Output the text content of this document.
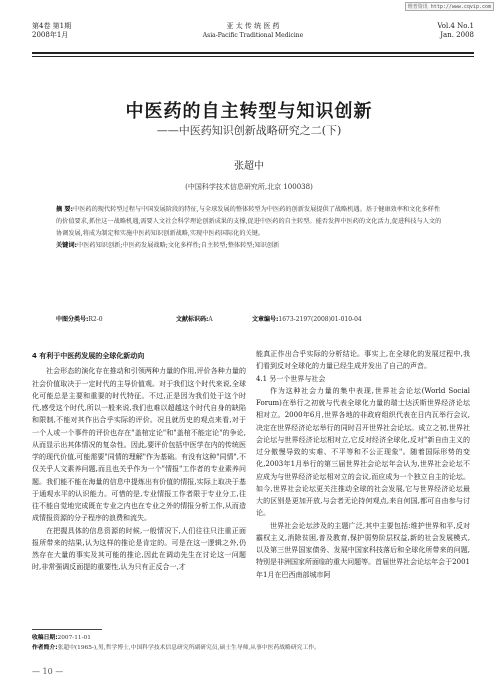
维普资讯 http://www.cqvip.com
第4卷 第1期
2008年1月
亚 太 传 统 医 药
Asia-Pacific Traditional Medicine
Vol.4 No.1
Jan. 2008
中医药的自主转型与知识创新
——中医药知识创新战略研究之二(下)
张超中
(中国科学技术信息研究所,北京 100038)
摘 要:中医药的现代转型过程与中国发展阶段的特征,与全球发展的整体转型为中医药的创新发展提供了战略机遇。基于健康效率和文化多样性的价值要求,抓住这一战略机遇,需要人文社会科学理论创新成果的支撑,促进中医药的自主转型。能否发挥中医药的文化活力,促进科技与人文的协调发展,将成为制定和实施中医药知识创新战略,实现中医药国际化的关键。
关键词:中医药知识创新;中医药发展战略;文化多样性;自主转型;整体转型;知识创新
中图分类号:R2-0	文献标识码:A	文章编号:1673-2197(2008)01-010-04

4 有利于中医药发展的全球化新动向

社会形态的演化存在推动和引领两种力量的作用,评价各种力量的社会价值取决于一定时代的主导价值观。对于我们这个时代来说,全球化可能总是主要和重要的时代特征。不过,正是因为我们处于这个时代,感受这个时代,所以一般来说,我们也难以超越这个时代自身的缺陷和限制,不能对其作出合乎实际的评价。况且就历史的观点来看,对于一个人或一个事件的评价也存在"盖棺定论"和"盖棺不能定论"的争论,从而显示出其体情况的复杂性。因此,要评价包括中医学在内的传统医学的现代价值,可能需要"同情的理解"作为基础。有没有这种"同情",不仅关乎人文素养问题,而且也关乎作为一个"情报"工作者的专业素养问题。我们能不能在海量的信息中提炼出有价值的情报,实际上取决于基于通观水平的认识能力。可惜的是,专业情报工作者限于专业分工,往往不能自觉地完成既在专业之内也在专业之外的情报分析工作,从而造成情报资源的分子程序的浪费和流失。

在把握具体的信息资源的时候,一般情况下,人们往往只注重正面报所带来的结果,认为这样的推论是肯定的。可是在这一逻辑之外,仍然存在大量的事实及其可能的推论,因此在调动先生在讨论这一问题时,非常强调反面提的重要性,认为只有正反合一,才

能真正作出合乎实际的分析结论。事实上,在全球化的发展过程中,我们看到反对全球化的力量已经生成并发出了自己的声音。

4.1 另一个世界与社会

作为这种社会力量的集中表现,世界社会论坛(World Social Forum)在举行之初就与代表全球化力量的瑞士达沃斯世界经济论坛相对立。2000年6月,世界各地的非政府组织代表在日内瓦举行会议,决定在世界经济论坛举行的同时召开世界社会论坛。成立之初,世界社会论坛与世界经济论坛相对立,它反对经济全球化,反对"新自由主义的过分傲慢导致的实难、不平等和不公正现象"。随着国际形势的变化,2003年1月举行的第三届世界社会论坛年会认为,世界社会论坛不应成为与世界经济论坛相对立的会议,而应成为一个独立自主的论坛。如今,世界社会论坛更关注推动全球的社会发展,它与世界经济论坛最大的区别是更加开放,与会者无论持何观点,来自何国,都可自由参与讨论。

世界社会论坛涉及的主题广泛,其中主要包括:维护世界和平,反对霸权主义,消除贫困,普及教育,保护弱势阶层权益,新的社会发展模式,以及第三世界国家债务、发展中国家科技落后和全球化所带来的问题,特别是非洲国家所面临的重大问题等。首届世界社会论坛年会于2001年1月在巴西南部城市阿

收稿日期:2007-11-01
作者简介:张超中(1965-),男,哲学博士,中国科学技术信息研究所副研究员,硕士生导师,从事中医药战略研究工作。
— 10 —
